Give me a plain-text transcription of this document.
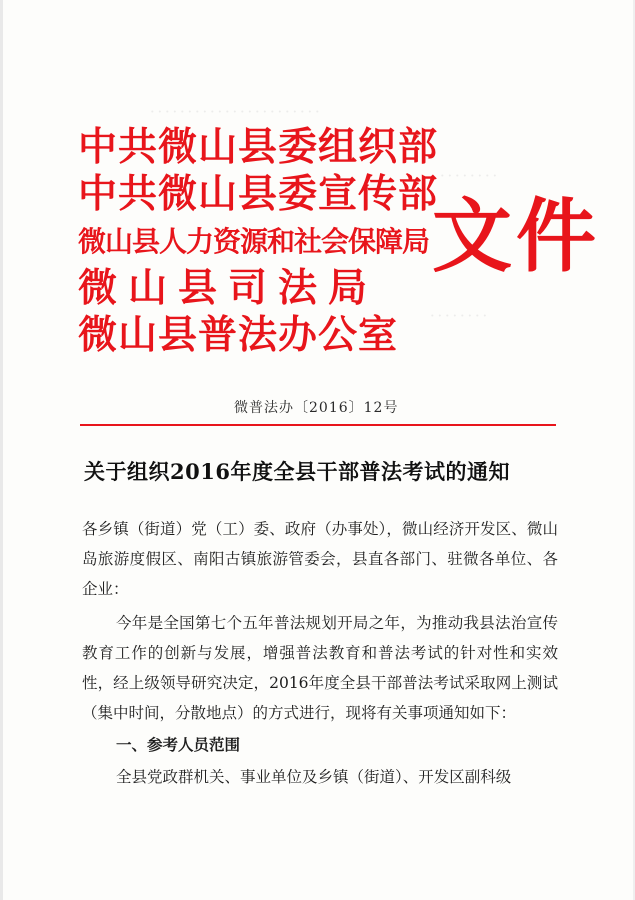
．．．．．．．．．．．．．．．．．．．．．．．
．．．．．．．．
．．．．．．．．
中共微山县委组织部
中共微山县委宣传部
微山县人力资源和社会保障局
微山县司法局
微山县普法办公室
文件
微普法办〔2016〕12号
关于组织2016年度全县干部普法考试的通知

各乡镇（街道）党（工）委、政府（办事处），微山经济开发区、微山岛旅游度假区、南阳古镇旅游管委会，县直各部门、驻微各单位、各企业：

今年是全国第七个五年普法规划开局之年，为推动我县法治宣传教育工作的创新与发展，增强普法教育和普法考试的针对性和实效性，经上级领导研究决定，2016年度全县干部普法考试采取网上测试（集中时间，分散地点）的方式进行，现将有关事项通知如下：

一、参考人员范围

全县党政群机关、事业单位及乡镇（街道）、开发区副科级
